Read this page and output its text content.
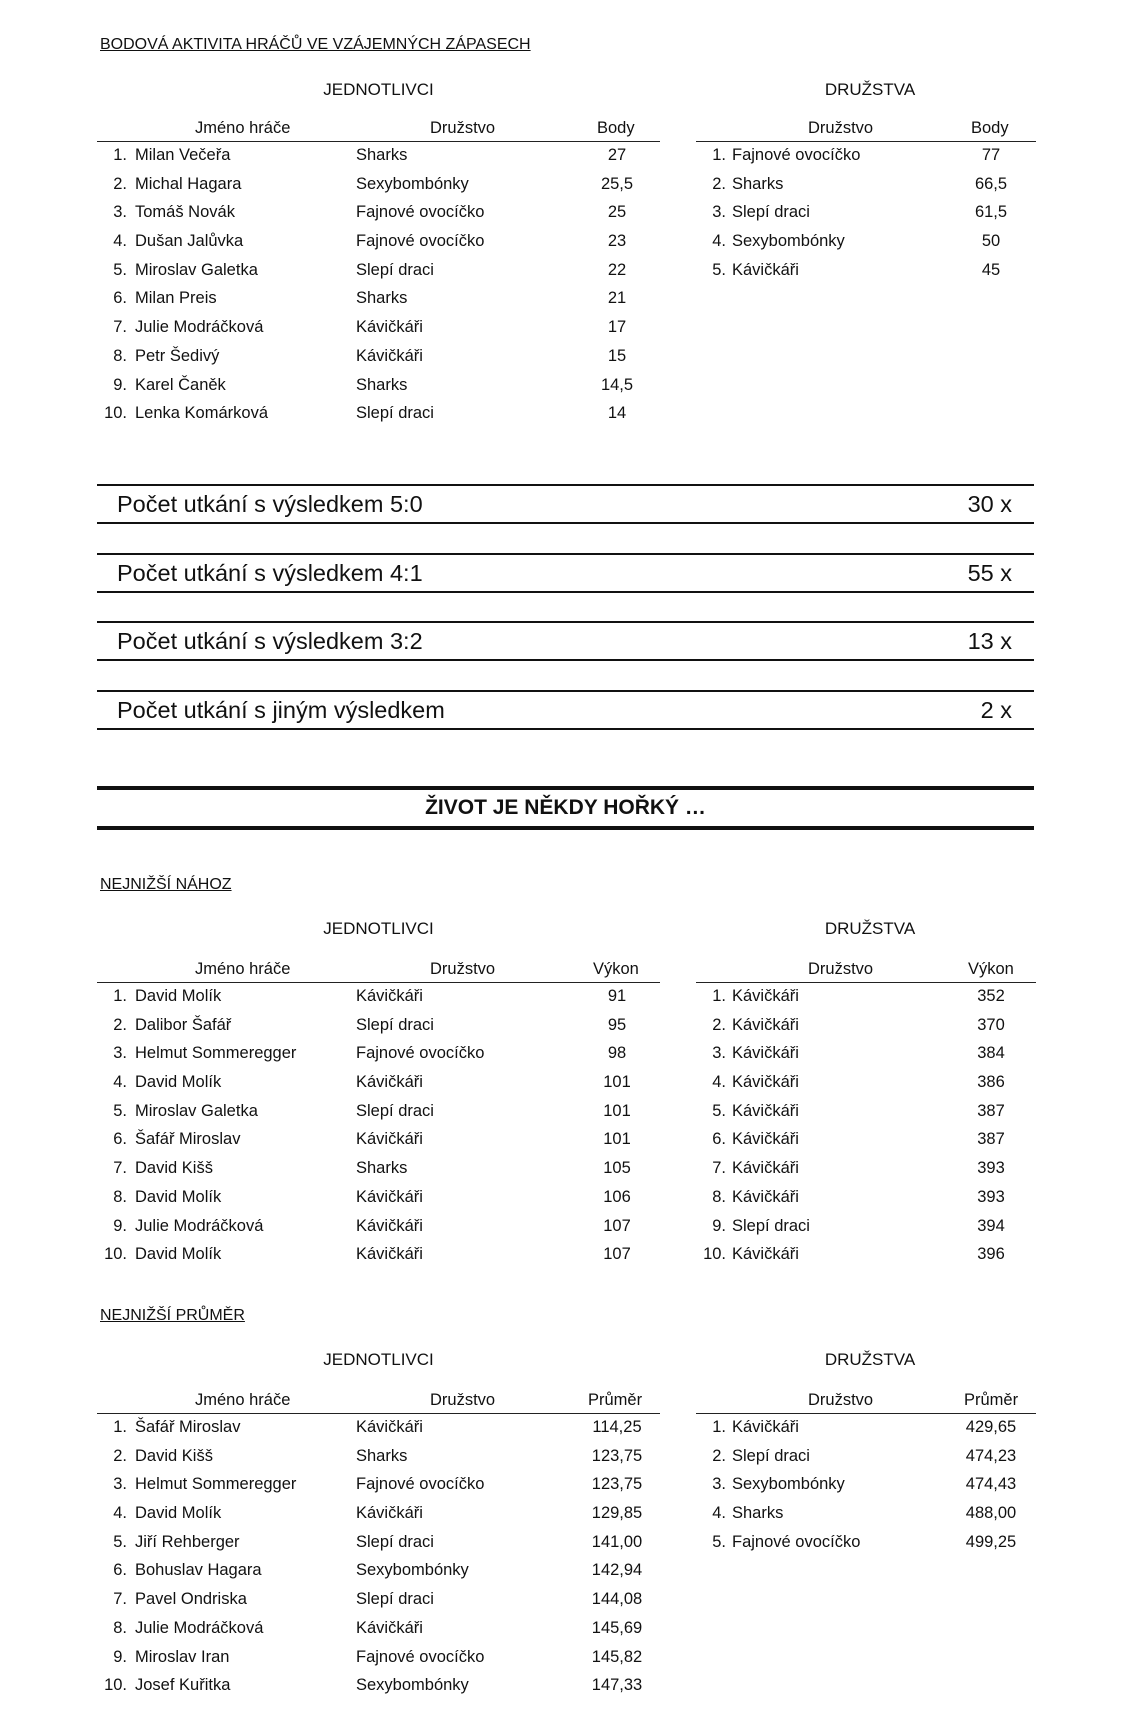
BODOVÁ AKTIVITA HRÁČŮ VE VZÁJEMNÝCH ZÁPASECH
JEDNOTLIVCI	DRUŽSTVA
Jméno hráče	Družstvo	Body
1. Milan Večeřa	Sharks	27
2. Michal Hagara	Sexybombónky	25,5
3. Tomáš Novák	Fajnové ovocíčko	25
4. Dušan Jalůvka	Fajnové ovocíčko	23
5. Miroslav Galetka	Slepí draci	22
6. Milan Preis	Sharks	21
7. Julie Modráčková	Kávičkáři	17
8. Petr Šedivý	Kávičkáři	15
9. Karel Čaněk	Sharks	14,5
10. Lenka Komárková	Slepí draci	14
Družstvo	Body
1. Fajnové ovocíčko	77
2. Sharks	66,5
3. Slepí draci	61,5
4. Sexybombónky	50
5. Kávičkáři	45
Počet utkání s výsledkem 5:0	30 x
Počet utkání s výsledkem 4:1	55 x
Počet utkání s výsledkem 3:2	13 x
Počet utkání s jiným výsledkem	2 x
ŽIVOT JE NĚKDY HOŘKÝ …
NEJNIŽŠÍ NÁHOZ
JEDNOTLIVCI	DRUŽSTVA
Jméno hráče	Družstvo	Výkon
1. David Molík	Kávičkáři	91
2. Dalibor Šafář	Slepí draci	95
3. Helmut Sommeregger	Fajnové ovocíčko	98
4. David Molík	Kávičkáři	101
5. Miroslav Galetka	Slepí draci	101
6. Šafář Miroslav	Kávičkáři	101
7. David Kišš	Sharks	105
8. David Molík	Kávičkáři	106
9. Julie Modráčková	Kávičkáři	107
10. David Molík	Kávičkáři	107
Družstvo	Výkon
1. Kávičkáři	352
2. Kávičkáři	370
3. Kávičkáři	384
4. Kávičkáři	386
5. Kávičkáři	387
6. Kávičkáři	387
7. Kávičkáři	393
8. Kávičkáři	393
9. Slepí draci	394
10. Kávičkáři	396
NEJNIŽŠÍ PRŮMĚR
JEDNOTLIVCI	DRUŽSTVA
Jméno hráče	Družstvo	Průměr
1. Šafář Miroslav	Kávičkáři	114,25
2. David Kišš	Sharks	123,75
3. Helmut Sommeregger	Fajnové ovocíčko	123,75
4. David Molík	Kávičkáři	129,85
5. Jiří Rehberger	Slepí draci	141,00
6. Bohuslav Hagara	Sexybombónky	142,94
7. Pavel Ondriska	Slepí draci	144,08
8. Julie Modráčková	Kávičkáři	145,69
9. Miroslav Iran	Fajnové ovocíčko	145,82
10. Josef Kuřitka	Sexybombónky	147,33
Družstvo	Průměr
1. Kávičkáři	429,65
2. Slepí draci	474,23
3. Sexybombónky	474,43
4. Sharks	488,00
5. Fajnové ovocíčko	499,25
